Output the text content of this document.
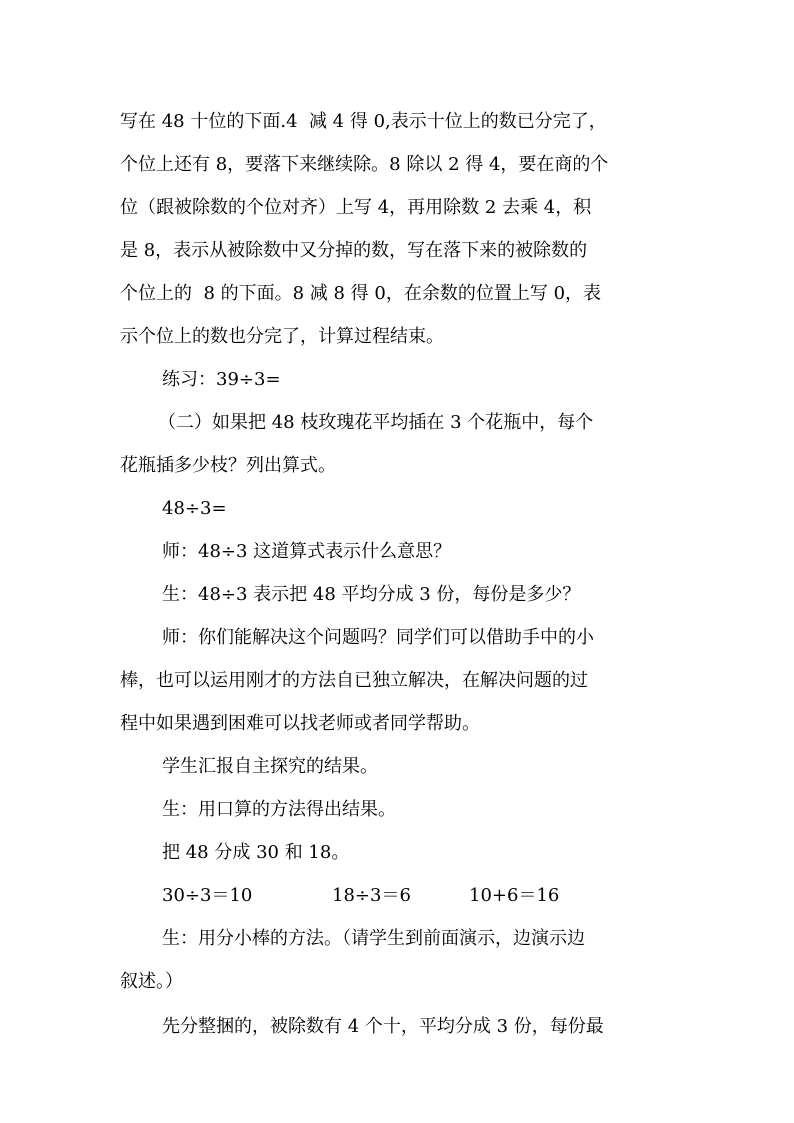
写在 48 十位的下面.4  减 4 得 0,表示十位上的数已分完了，

个位上还有 8，要落下来继续除。8 除以 2 得 4，要在商的个

位（跟被除数的个位对齐）上写 4，再用除数 2 去乘 4，积

是 8，表示从被除数中又分掉的数，写在落下来的被除数的

个位上的  8 的下面。8 减 8 得 0，在余数的位置上写 0，表

示个位上的数也分完了，计算过程结束。

练习：39÷3=

（二）如果把 48 枝玫瑰花平均插在 3 个花瓶中，每个

花瓶插多少枝？列出算式。

48÷3=

师：48÷3 这道算式表示什么意思？

生：48÷3 表示把 48 平均分成 3 份，每份是多少？

师：你们能解决这个问题吗？同学们可以借助手中的小

棒，也可以运用刚才的方法自已独立解决，在解决问题的过

程中如果遇到困难可以找老师或者同学帮助。

学生汇报自主探究的结果。

生：用口算的方法得出结果。

把 48 分成 30 和 18。

30÷3＝10	18÷3＝6	10+6＝16

生：用分小棒的方法。（请学生到前面演示，边演示边

叙述。）

先分整捆的，被除数有 4 个十，平均分成 3 份，每份最
